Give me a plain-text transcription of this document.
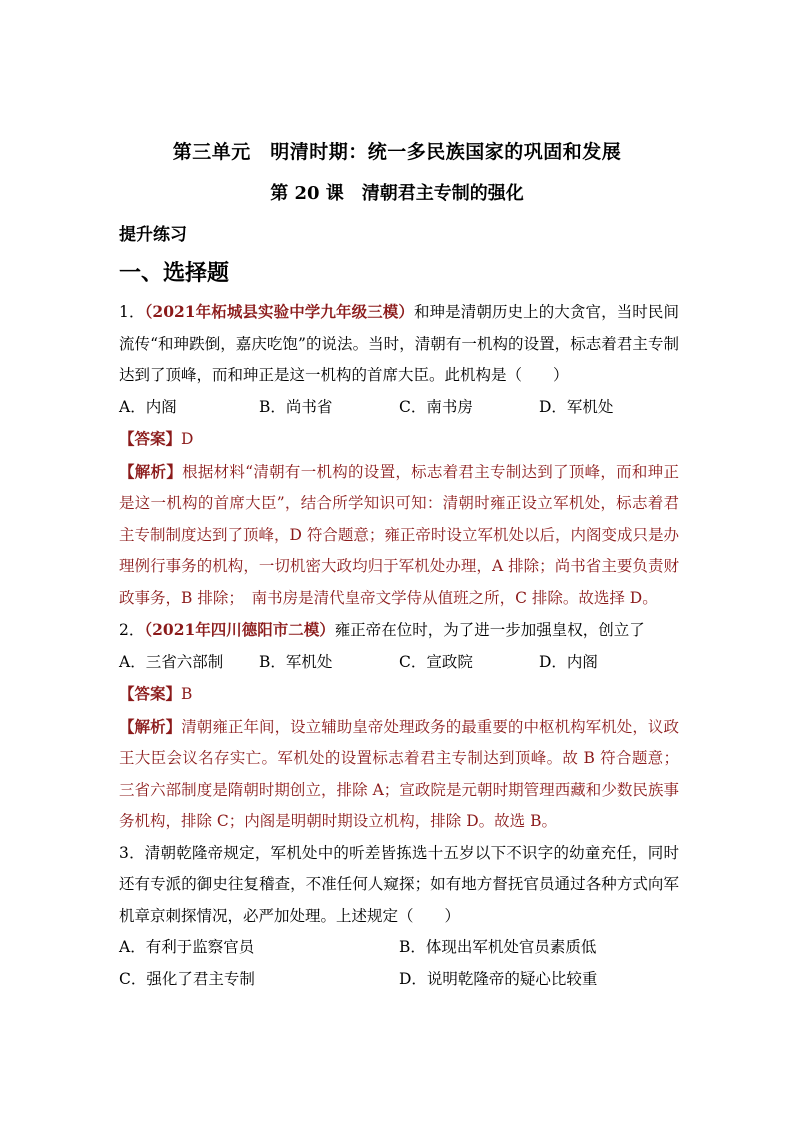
第三单元　明清时期：统一多民族国家的巩固和发展
第 20 课　清朝君主专制的强化
提升练习
一、选择题

1．（2021年柘城县实验中学九年级三模）和珅是清朝历史上的大贪官，当时民间流传“和珅跌倒，嘉庆吃饱”的说法。当时，清朝有一机构的设置，标志着君主专制达到了顶峰，而和珅正是这一机构的首席大臣。此机构是（　　）

A．内阁	B．尚书省	C．南书房	D．军机处

【答案】D

【解析】根据材料“清朝有一机构的设置，标志着君主专制达到了顶峰，而和珅正是这一机构的首席大臣”，结合所学知识可知：清朝时雍正设立军机处，标志着君主专制制度达到了顶峰，D 符合题意；雍正帝时设立军机处以后，内阁变成只是办理例行事务的机构，一切机密大政均归于军机处办理，A 排除；尚书省主要负责财政事务，B 排除；　南书房是清代皇帝文学侍从值班之所，C 排除。故选择 D。

2．（2021年四川德阳市二模）雍正帝在位时，为了进一步加强皇权，创立了

A．三省六部制	B．军机处	C．宣政院	D．内阁

【答案】B

【解析】清朝雍正年间，设立辅助皇帝处理政务的最重要的中枢机构军机处，议政王大臣会议名存实亡。军机处的设置标志着君主专制达到顶峰。故 B 符合题意；三省六部制度是隋朝时期创立，排除 A；宣政院是元朝时期管理西藏和少数民族事务机构，排除 C；内阁是明朝时期设立机构，排除 D。故选 B。

3．清朝乾隆帝规定，军机处中的听差皆拣选十五岁以下不识字的幼童充任，同时还有专派的御史往复稽查，不准任何人窥探；如有地方督抚官员通过各种方式向军机章京刺探情况，必严加处理。上述规定（　　）

A．有利于监察官员	B．体现出军机处官员素质低
C．强化了君主专制	D．说明乾隆帝的疑心比较重
